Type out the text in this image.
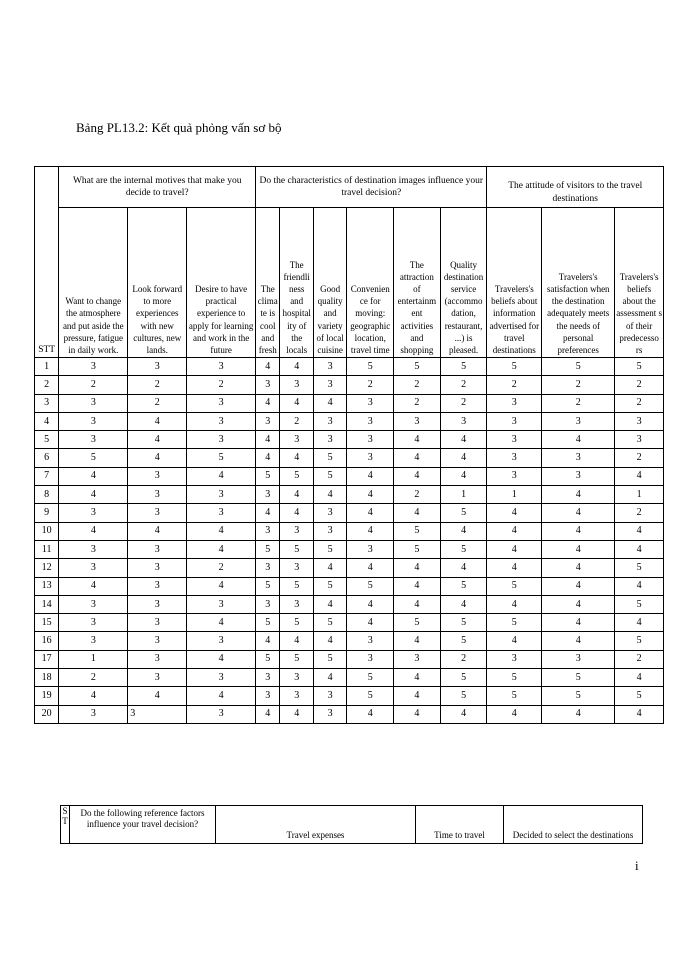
Bảng PL13.2: Kết quả phỏng vấn sơ bộ
STT	What are the internal motives that make you decide to travel?			Do the characteristics of destination images influence your travel decision?						The attitude of visitors to the travel destinations		
	Want to change the atmosphere and put aside the pressure, fatigue in daily work.	Look forward to more experiences with new cultures, new lands.	Desire to have practical experience to apply for learning and work in the future	The clima te is cool and fresh	The friendli ness and hospital ity of the locals	Good quality and variety of local cuisine	Convenien ce for moving: geographic location, travel time	The attraction of entertainm ent activities and shopping	Quality destination service (accommo dation, restaurant, ...) is pleased.	Travelers's beliefs about information advertised for travel destinations	Travelers's satisfaction when the destination adequately meets the needs of personal preferences	Travelers's beliefs about the assessment s of their predecesso rs
1	3	3	3	4	4	3	5	5	5	5	5	5
2	2	2	2	3	3	3	2	2	2	2	2	2
3	3	2	3	4	4	4	3	2	2	3	2	2
4	3	4	3	3	2	3	3	3	3	3	3	3
5	3	4	3	4	3	3	3	4	4	3	4	3
6	5	4	5	4	4	5	3	4	4	3	3	2
7	4	3	4	5	5	5	4	4	4	3	3	4
8	4	3	3	3	4	4	4	2	1	1	4	1
9	3	3	3	4	4	3	4	4	5	4	4	2
10	4	4	4	3	3	3	4	5	4	4	4	4
11	3	3	4	5	5	5	3	5	5	4	4	4
12	3	3	2	3	3	4	4	4	4	4	4	5
13	4	3	4	5	5	5	5	4	5	5	4	4
14	3	3	3	3	3	4	4	4	4	4	4	5
15	3	3	4	5	5	5	4	5	5	5	4	4
16	3	3	3	4	4	4	3	4	5	4	4	5
17	1	3	4	5	5	5	3	3	2	3	3	2
18	2	3	3	3	3	4	5	4	5	5	5	4
19	4	4	4	3	3	3	5	4	5	5	5	5
20	3	3	3	4	4	3	4	4	4	4	4	4
S T	Do the following reference factors influence your travel decision?	Travel expenses	Time to travel	Decided to select the destinations
i
